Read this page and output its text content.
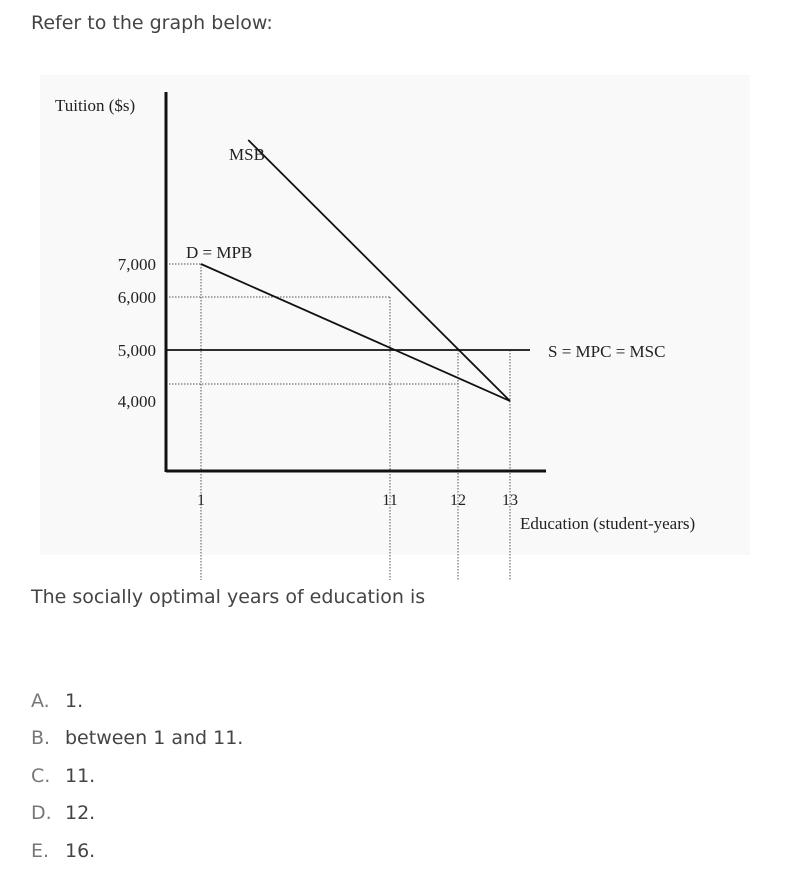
Refer to the graph below:
Tuition ($s)
Education (student-years)
MSB
D = MPB
S = MPC = MSC
1	11	12 13
7,000
6,000
5,000
4,000
The socially optimal years of education is
A. 1.
B. between 1 and 11.
C. 11.
D. 12.
E. 16.
